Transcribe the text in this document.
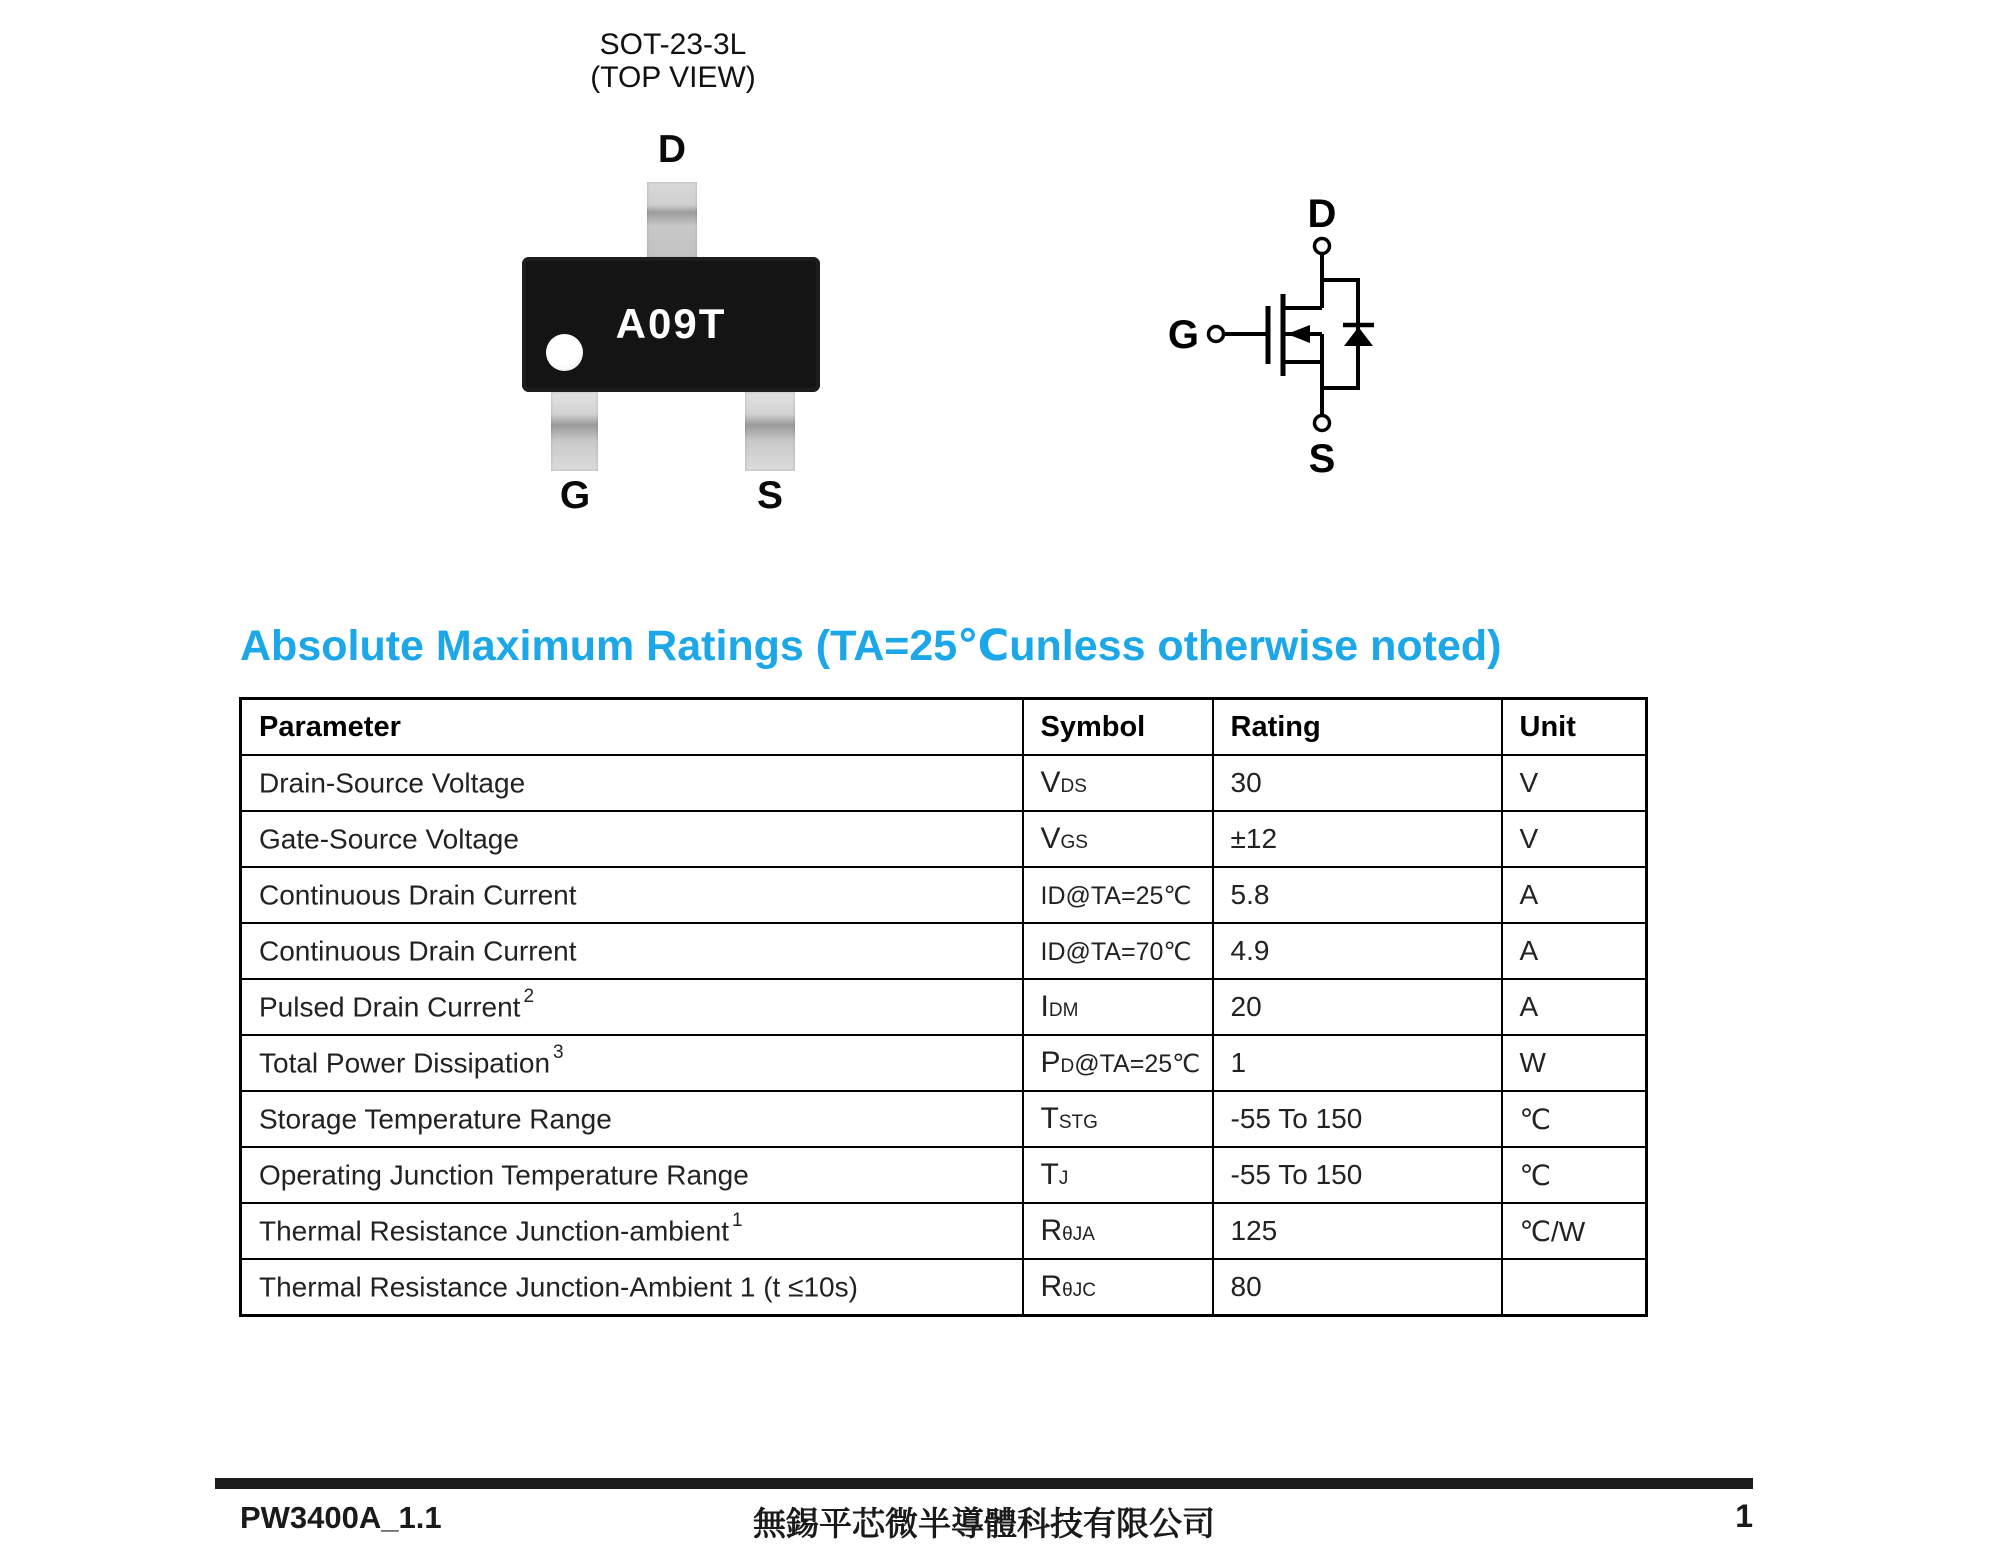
SOT-23-3L
(TOP VIEW)
D
A09T
G	S
D
G
S
Absolute Maximum Ratings (TA=25℃unless otherwise noted)
Parameter	Symbol	Rating	Unit
Drain-Source Voltage	VDS	30	V
Gate-Source Voltage	VGS	±12	V
Continuous Drain Current	ID@TA=25℃	5.8	A
Continuous Drain Current	ID@TA=70℃	4.9	A
Pulsed Drain Current $^2$	IDM	20	A
Total Power Dissipation $^3$	PD@TA=25℃	1	W
Storage Temperature Range	TSTG	-55 To 150	℃
Operating Junction Temperature Range	TJ	-55 To 150	℃
Thermal Resistance Junction-ambient $^1$	RθJA	125	℃/W
Thermal Resistance Junction-Ambient 1 (t ≤10s)	RθJC	80	
PW3400A_1.1	無錫平芯微半導體科技有限公司	1
